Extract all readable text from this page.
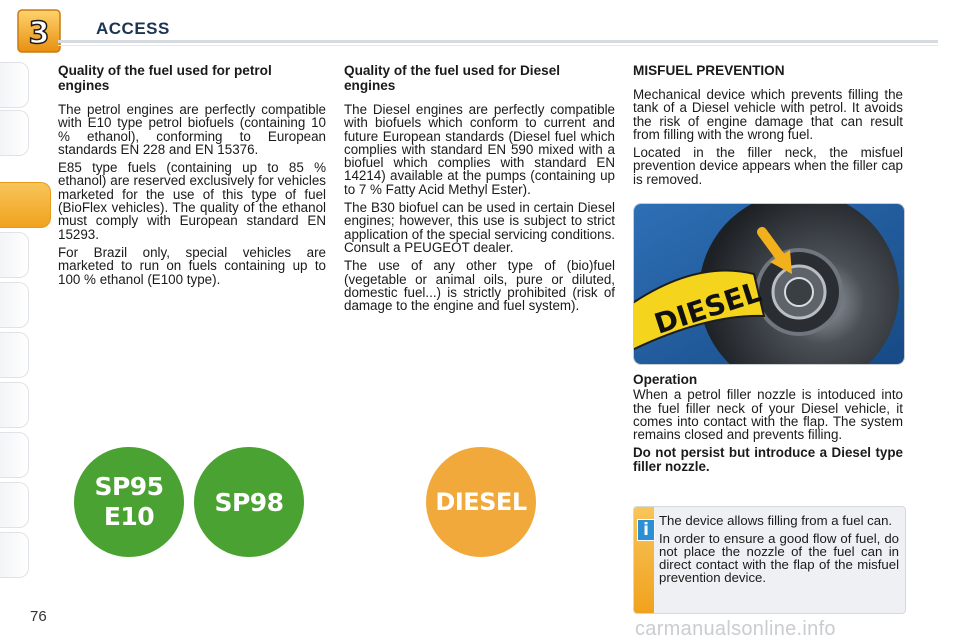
3	ACCESS
Quality of the fuel used for petrol engines

The petrol engines are perfectly compatible with E10 type petrol biofuels (containing 10 % ethanol), conforming to European standards EN 228 and EN 15376.

E85 type fuels (containing up to 85 % ethanol) are reserved exclusively for vehicles marketed for the use of this type of fuel (BioFlex vehicles). The quality of the ethanol must comply with European standard EN 15293.

For Brazil only, special vehicles are marketed to run on fuels containing up to 100 % ethanol (E100 type).

Quality of the fuel used for Diesel engines

The Diesel engines are perfectly compatible with biofuels which conform to current and future European standards (Diesel fuel which complies with standard EN 590 mixed with a biofuel which complies with standard EN 14214) available at the pumps (containing up to 7 % Fatty Acid Methyl Ester).

The B30 biofuel can be used in certain Diesel engines; however, this use is subject to strict application of the special servicing conditions. Consult a PEUGEOT dealer.

The use of any other type of (bio)fuel (vegetable or animal oils, pure or diluted, domestic fuel...) is strictly prohibited (risk of damage to the engine and fuel system).

MISFUEL PREVENTION

Mechanical device which prevents filling the tank of a Diesel vehicle with petrol. It avoids the risk of engine damage that can result from filling with the wrong fuel.

Located in the filler neck, the misfuel prevention device appears when the filler cap is removed.

DIESEL
Operation

When a petrol filler nozzle is intoduced into the fuel filler neck of your Diesel vehicle, it comes into contact with the flap. The system remains closed and prevents filling.

Do not persist but introduce a Diesel type filler nozzle.

i The device allows filling from a fuel can.

In order to ensure a good flow of fuel, do not place the nozzle of the fuel can in direct contact with the flap of the misfuel prevention device.

SP95
E10 SP98	DIESEL
76
carmanualsonline.info
